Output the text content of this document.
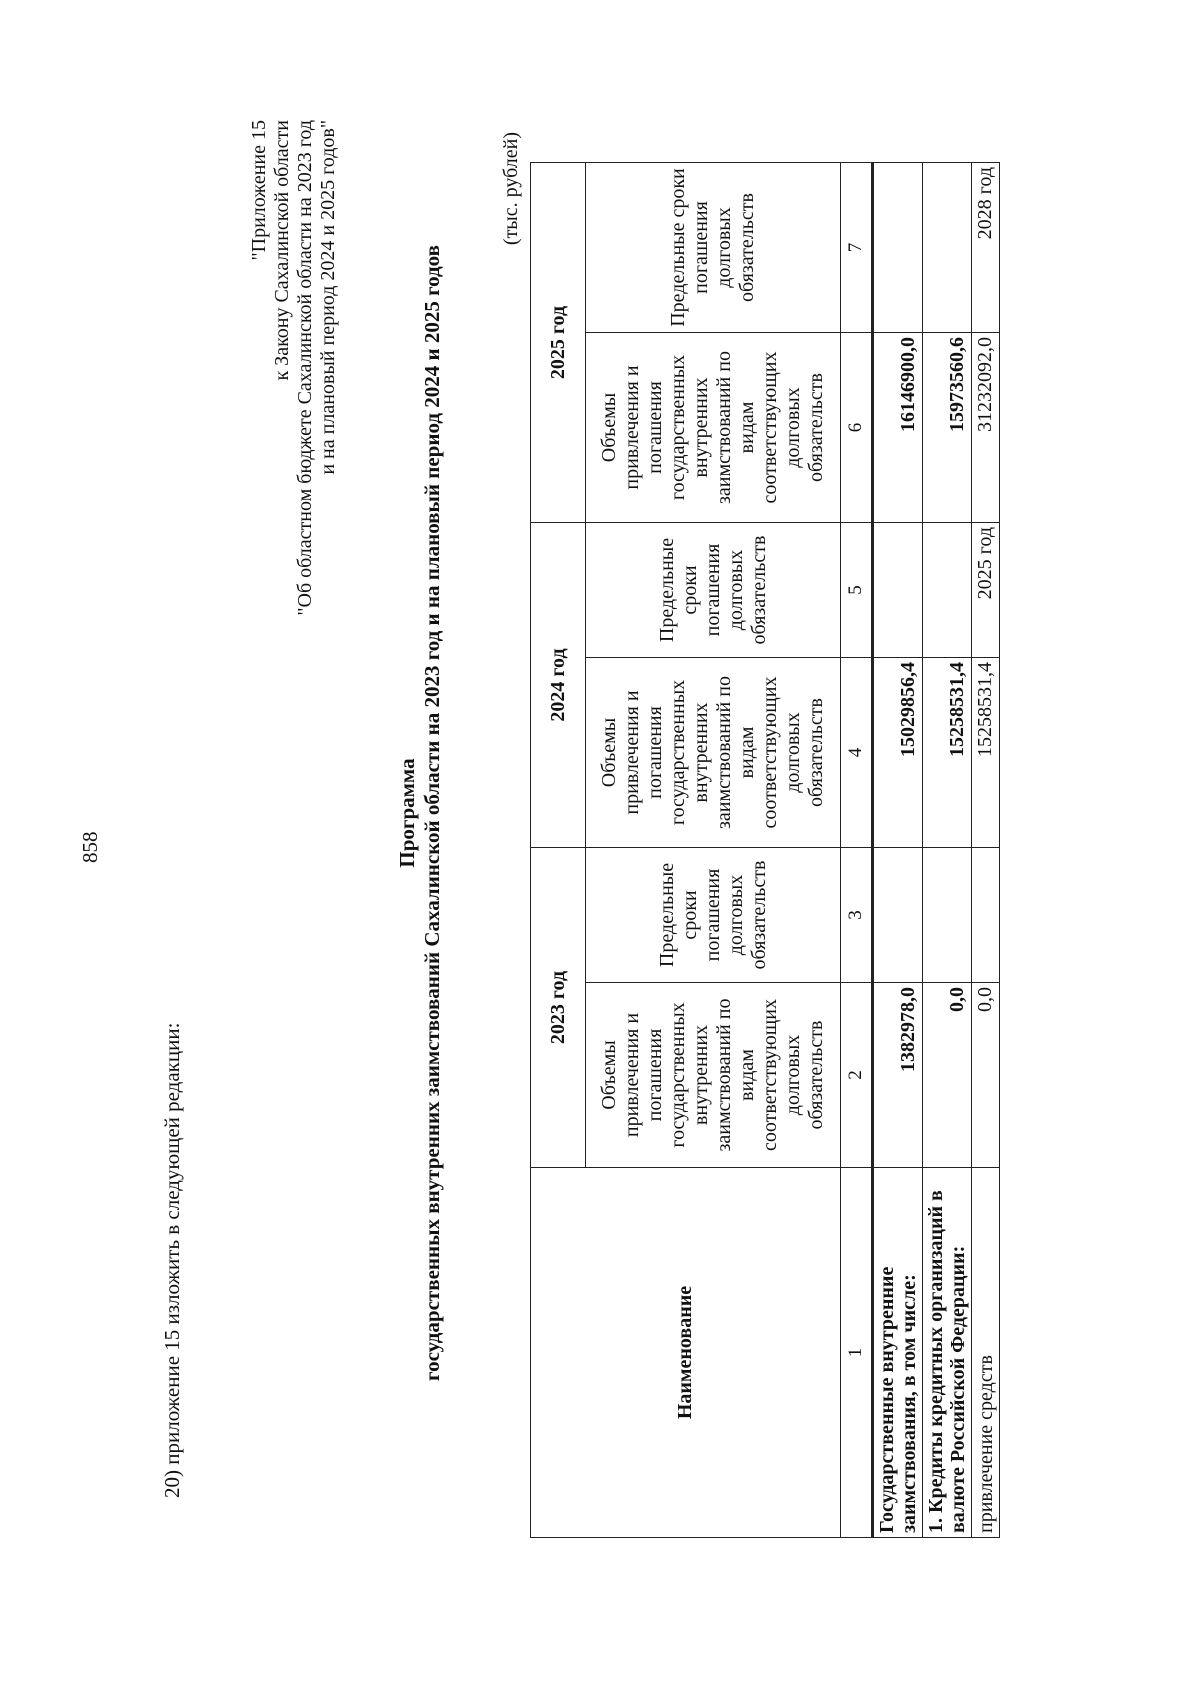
858
20) приложение 15 изложить в следующей редакции:
"Приложение 15 к Закону Сахалинской области "Об областном бюджете Сахалинской области на 2023 год и на плановый период 2024 и 2025 годов"
Программа государственных внутренних заимствований Сахалинской области на 2023 год и на плановый период 2024 и 2025 годов
(тыс. рублей)
Наименование	2023 год		2024 год		2025 год	
	Объемы привлечения и погашения государственных внутренних заимствований по видам соответствующих долговых обязательств	Предельные сроки погашения долговых обязательств	Объемы привлечения и погашения государственных внутренних заимствований по видам соответствующих долговых обязательств	Предельные сроки погашения долговых обязательств	Объемы привлечения и погашения государственных внутренних заимствований по видам соответствующих долговых обязательств	Предельные сроки погашения долговых обязательств
1	2	3	4	5	6	7
Государственные внутренние заимствования, в том числе:	1382978,0		15029856,4		16146900,0	
1. Кредиты кредитных организаций в валюте Российской Федерации:	0,0		15258531,4		15973560,6	
привлечение средств	0,0		15258531,4	2025 год	31232092,0	2028 год
